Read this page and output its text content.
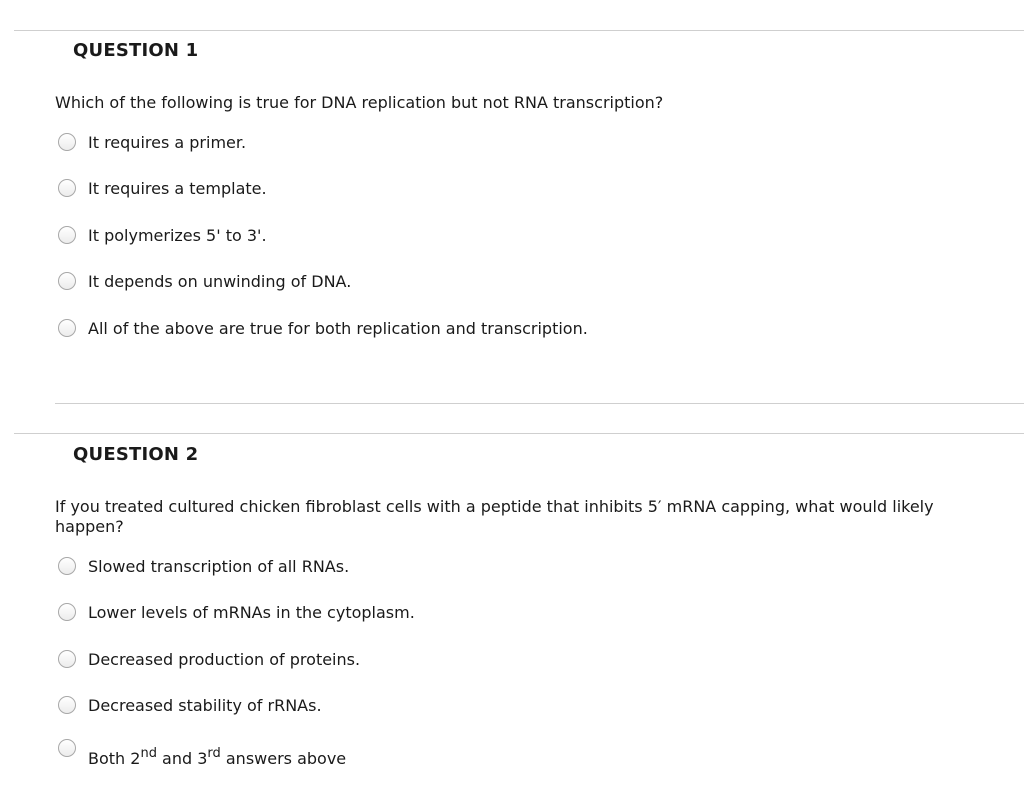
QUESTION 1

Which of the following is true for DNA replication but not RNA transcription?

It requires a primer.
It requires a template.
It polymerizes 5' to 3'.
It depends on unwinding of DNA.
All of the above are true for both replication and transcription.
QUESTION 2

If you treated cultured chicken fibroblast cells with a peptide that inhibits 5′ mRNA capping, what would likely happen?

Slowed transcription of all RNAs.
Lower levels of mRNAs in the cytoplasm.
Decreased production of proteins.
Decreased stability of rRNAs.
Both 2nd and 3rd answers above
